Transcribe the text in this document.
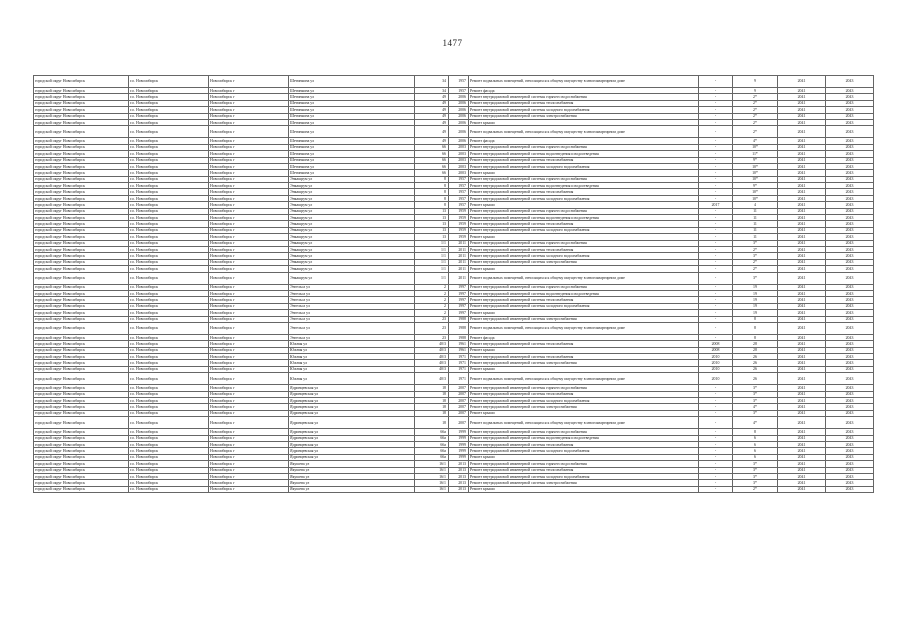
1477
городской округ Новосибирск	г.о. Новосибирск	Новосибирск г	Шетинкина ул	34	1957	Ремонт подвальных помещений, относящихся к общему имуществу в многоквартирном доме	-	9	2041	2043
городской округ Новосибирск	г.о. Новосибирск	Новосибирск г	Шетинкина ул	34	1957	Ремонт фасада	-	9	2041	2043
городской округ Новосибирск	г.о. Новосибирск	Новосибирск г	Шетинкина ул	49	2006	Ремонт внутридомовой инженерной системы горячего водоснабжения	-	2*	2041	2043
городской округ Новосибирск	г.о. Новосибирск	Новосибирск г	Шетинкина ул	49	2006	Ремонт внутридомовой инженерной системы теплоснабжения	-	2*	2041	2043
городской округ Новосибирск	г.о. Новосибирск	Новосибирск г	Шетинкина ул	49	2006	Ремонт внутридомовой инженерной системы холодного водоснабжения	-	2*	2041	2043
городской округ Новосибирск	г.о. Новосибирск	Новосибирск г	Шетинкина ул	49	2006	Ремонт внутридомовой инженерной системы электроснабжения	-	2*	2041	2043
городской округ Новосибирск	г.о. Новосибирск	Новосибирск г	Шетинкина ул	49	2006	Ремонт крыши	-	2*	2041	2043
городской округ Новосибирск	г.о. Новосибирск	Новосибирск г	Шетинкина ул	49	2006	Ремонт подвальных помещений, относящихся к общему имуществу в многоквартирном доме	-	2*	2041	2043
городской округ Новосибирск	г.о. Новосибирск	Новосибирск г	Шетинкина ул	49	2006	Ремонт фасада	-	4*	2041	2043
городской округ Новосибирск	г.о. Новосибирск	Новосибирск г	Шетинкина ул	66	2003	Ремонт внутридомовой инженерной системы горячего водоснабжения	-	10*	2041	2043
городской округ Новосибирск	г.о. Новосибирск	Новосибирск г	Шетинкина ул	66	2003	Ремонт внутридомовой инженерной системы водоотведения и водоотведения	-	11*	2041	2043
городской округ Новосибирск	г.о. Новосибирск	Новосибирск г	Шетинкина ул	66	2003	Ремонт внутридомовой инженерной системы теплоснабжения	-	9*	2041	2043
городской округ Новосибирск	г.о. Новосибирск	Новосибирск г	Шетинкина ул	66	2003	Ремонт внутридомовой инженерной системы холодного водоснабжения	-	10*	2041	2043
городской округ Новосибирск	г.о. Новосибирск	Новосибирск г	Шетинкина ул	66	2003	Ремонт крыши	-	10*	2041	2043
городской округ Новосибирск	г.о. Новосибирск	Новосибирск г	Энкашрум ул	8	1957	Ремонт внутридомовой инженерной системы горячего водоснабжения	-	10*	2041	2043
городской округ Новосибирск	г.о. Новосибирск	Новосибирск г	Энкашрум ул	8	1957	Ремонт внутридомовой инженерной системы водоотведения и водоотведения	-	9*	2041	2043
городской округ Новосибирск	г.о. Новосибирск	Новосибирск г	Энкашрум ул	8	1957	Ремонт внутридомовой инженерной системы теплоснабжения	-	10*	2041	2043
городской округ Новосибирск	г.о. Новосибирск	Новосибирск г	Энкашрум ул	8	1957	Ремонт внутридомовой инженерной системы холодного водоснабжения	-	10*	2041	2043
городской округ Новосибирск	г.о. Новосибирск	Новосибирск г	Энкашрум ул	8	1957	Ремонт крыши	2017	4	2041	2043
городской округ Новосибирск	г.о. Новосибирск	Новосибирск г	Энкашрум ул	13	1959	Ремонт внутридомовой инженерной системы горячего водоснабжения	-	11	2041	2043
городской округ Новосибирск	г.о. Новосибирск	Новосибирск г	Энкашрум ул	13	1959	Ремонт внутридомовой инженерной системы водоотведения и водоотведения	-	11	2041	2043
городской округ Новосибирск	г.о. Новосибирск	Новосибирск г	Энкашрум ул	13	1959	Ремонт внутридомовой инженерной системы теплоснабжения	-	11	2041	2043
городской округ Новосибирск	г.о. Новосибирск	Новосибирск г	Энкашрум ул	13	1959	Ремонт внутридомовой инженерной системы холодного водоснабжения	-	11	2041	2043
городской округ Новосибирск	г.о. Новосибирск	Новосибирск г	Энкашрум ул	13	1959	Ремонт крыши	-	11	2041	2043
городской округ Новосибирск	г.о. Новосибирск	Новосибирск г	Энкашрум ул	1/1	2011	Ремонт внутридомовой инженерной системы горячего водоснабжения	-	3*	2041	2043
городской округ Новосибирск	г.о. Новосибирск	Новосибирск г	Энкашрум ул	1/1	2011	Ремонт внутридомовой инженерной системы теплоснабжения	-	2*	2041	2043
городской округ Новосибирск	г.о. Новосибирск	Новосибирск г	Энкашрум ул	1/1	2011	Ремонт внутридомовой инженерной системы холодного водоснабжения	-	3*	2041	2043
городской округ Новосибирск	г.о. Новосибирск	Новосибирск г	Энкашрум ул	1/1	2011	Ремонт внутридомовой инженерной системы электроснабжения	-	2*	2041	2043
городской округ Новосибирск	г.о. Новосибирск	Новосибирск г	Энкашрум ул	1/1	2011	Ремонт крыши	-	2*	2041	2043
городской округ Новосибирск	г.о. Новосибирск	Новосибирск г	Энкашрум ул	1/1	2011	Ремонт подвальных помещений, относящихся к общему имуществу в многоквартирном доме	-	3*	2041	2043
городской округ Новосибирск	г.о. Новосибирск	Новосибирск г	Энгельса ул	2	1997	Ремонт внутридомовой инженерной системы горячего водоснабжения	-	19	2041	2043
городской округ Новосибирск	г.о. Новосибирск	Новосибирск г	Энгельса ул	2	1997	Ремонт внутридомовой инженерной системы водоотведения и водоотведения	-	19	2041	2043
городской округ Новосибирск	г.о. Новосибирск	Новосибирск г	Энгельса ул	2	1997	Ремонт внутридомовой инженерной системы теплоснабжения	-	19	2041	2043
городской округ Новосибирск	г.о. Новосибирск	Новосибирск г	Энгельса ул	2	1997	Ремонт внутридомовой инженерной системы холодного водоснабжения	-	19	2041	2043
городской округ Новосибирск	г.о. Новосибирск	Новосибирск г	Энгельса ул	2	1997	Ремонт крыши	-	19	2041	2043
городской округ Новосибирск	г.о. Новосибирск	Новосибирск г	Энгельса ул	23	1988	Ремонт внутридомовой инженерной системы электроснабжения	-	8	2041	2043
городской округ Новосибирск	г.о. Новосибирск	Новосибирск г	Энгельса ул	23	1988	Ремонт подвальных помещений, относящихся к общему имуществу в многоквартирном доме	-	8	2041	2043
городской округ Новосибирск	г.о. Новосибирск	Новосибирск г	Энгельса ул	23	1988	Ремонт фасада	-	8	2041	2043
городской округ Новосибирск	г.о. Новосибирск	Новосибирск г	Южная ул	40/3	1961	Ремонт внутридомовой инженерной системы теплоснабжения	2008	28	2041	2043
городской округ Новосибирск	г.о. Новосибирск	Новосибирск г	Южная ул	40/3	1961	Ремонт крыши	2008	28	2041	2043
городской округ Новосибирск	г.о. Новосибирск	Новосибирск г	Южная ул	40/3	1971	Ремонт внутридомовой инженерной системы теплоснабжения	2010	26	2041	2043
городской округ Новосибирск	г.о. Новосибирск	Новосибирск г	Южная ул	40/3	1971	Ремонт внутридомовой инженерной системы электроснабжения	2010	26	2041	2043
городской округ Новосибирск	г.о. Новосибирск	Новосибирск г	Южная ул	40/3	1971	Ремонт крыши	2010	26	2041	2043
городской округ Новосибирск	г.о. Новосибирск	Новосибирск г	Южная ул	40/3	1971	Ремонт подвальных помещений, относящихся к общему имуществу в многоквартирном доме	2010	26	2041	2043
городской округ Новосибирск	г.о. Новосибирск	Новосибирск г	Ядринцевская ул	18	2007	Ремонт внутридомовой инженерной системы горячего водоснабжения	-	3*	2041	2043
городской округ Новосибирск	г.о. Новосибирск	Новосибирск г	Ядринцевская ул	18	2007	Ремонт внутридомовой инженерной системы теплоснабжения	-	3*	2041	2043
городской округ Новосибирск	г.о. Новосибирск	Новосибирск г	Ядринцевская ул	18	2007	Ремонт внутридомовой инженерной системы холодного водоснабжения	-	3*	2041	2043
городской округ Новосибирск	г.о. Новосибирск	Новосибирск г	Ядринцевская ул	18	2007	Ремонт внутридомовой инженерной системы электроснабжения	-	4*	2041	2043
городской округ Новосибирск	г.о. Новосибирск	Новосибирск г	Ядринцевская ул	18	2007	Ремонт крыши	-	3*	2041	2043
городской округ Новосибирск	г.о. Новосибирск	Новосибирск г	Ядринцевская ул	18	2007	Ремонт подвальных помещений, относящихся к общему имуществу в многоквартирном доме	-	4*	2041	2043
городской округ Новосибирск	г.о. Новосибирск	Новосибирск г	Ядринцевская ул	66а	1999	Ремонт внутридомовой инженерной системы горячего водоснабжения	-	8	2041	2043
городской округ Новосибирск	г.о. Новосибирск	Новосибирск г	Ядринцевская ул	66а	1999	Ремонт внутридомовой инженерной системы водоотведения и водоотведения	-	6	2041	2043
городской округ Новосибирск	г.о. Новосибирск	Новосибирск г	Ядринцевская ул	66а	1999	Ремонт внутридомовой инженерной системы теплоснабжения	-	6	2041	2043
городской округ Новосибирск	г.о. Новосибирск	Новосибирск г	Ядринцевская ул	66а	1999	Ремонт внутридомовой инженерной системы холодного водоснабжения	-	6	2041	2043
городской округ Новосибирск	г.о. Новосибирск	Новосибирск г	Ядринцевская ул	66а	1999	Ремонт крыши	-	6	2041	2043
городской округ Новосибирск	г.о. Новосибирск	Новосибирск г	Якушева ул	16/1	2013	Ремонт внутридомовой инженерной системы горячего водоснабжения	-	3*	2041	2043
городской округ Новосибирск	г.о. Новосибирск	Новосибирск г	Якушева ул	16/1	2013	Ремонт внутридомовой инженерной системы теплоснабжения	-	3*	2041	2043
городской округ Новосибирск	г.о. Новосибирск	Новосибирск г	Якушева ул	16/1	2013	Ремонт внутридомовой инженерной системы холодного водоснабжения	-	3*	2041	2043
городской округ Новосибирск	г.о. Новосибирск	Новосибирск г	Якушева ул	16/1	2013	Ремонт внутридомовой инженерной системы электроснабжения	-	3*	2041	2043
городской округ Новосибирск	г.о. Новосибирск	Новосибирск г	Якушева ул	16/1	2013	Ремонт крыши	-	2*	2041	2043
